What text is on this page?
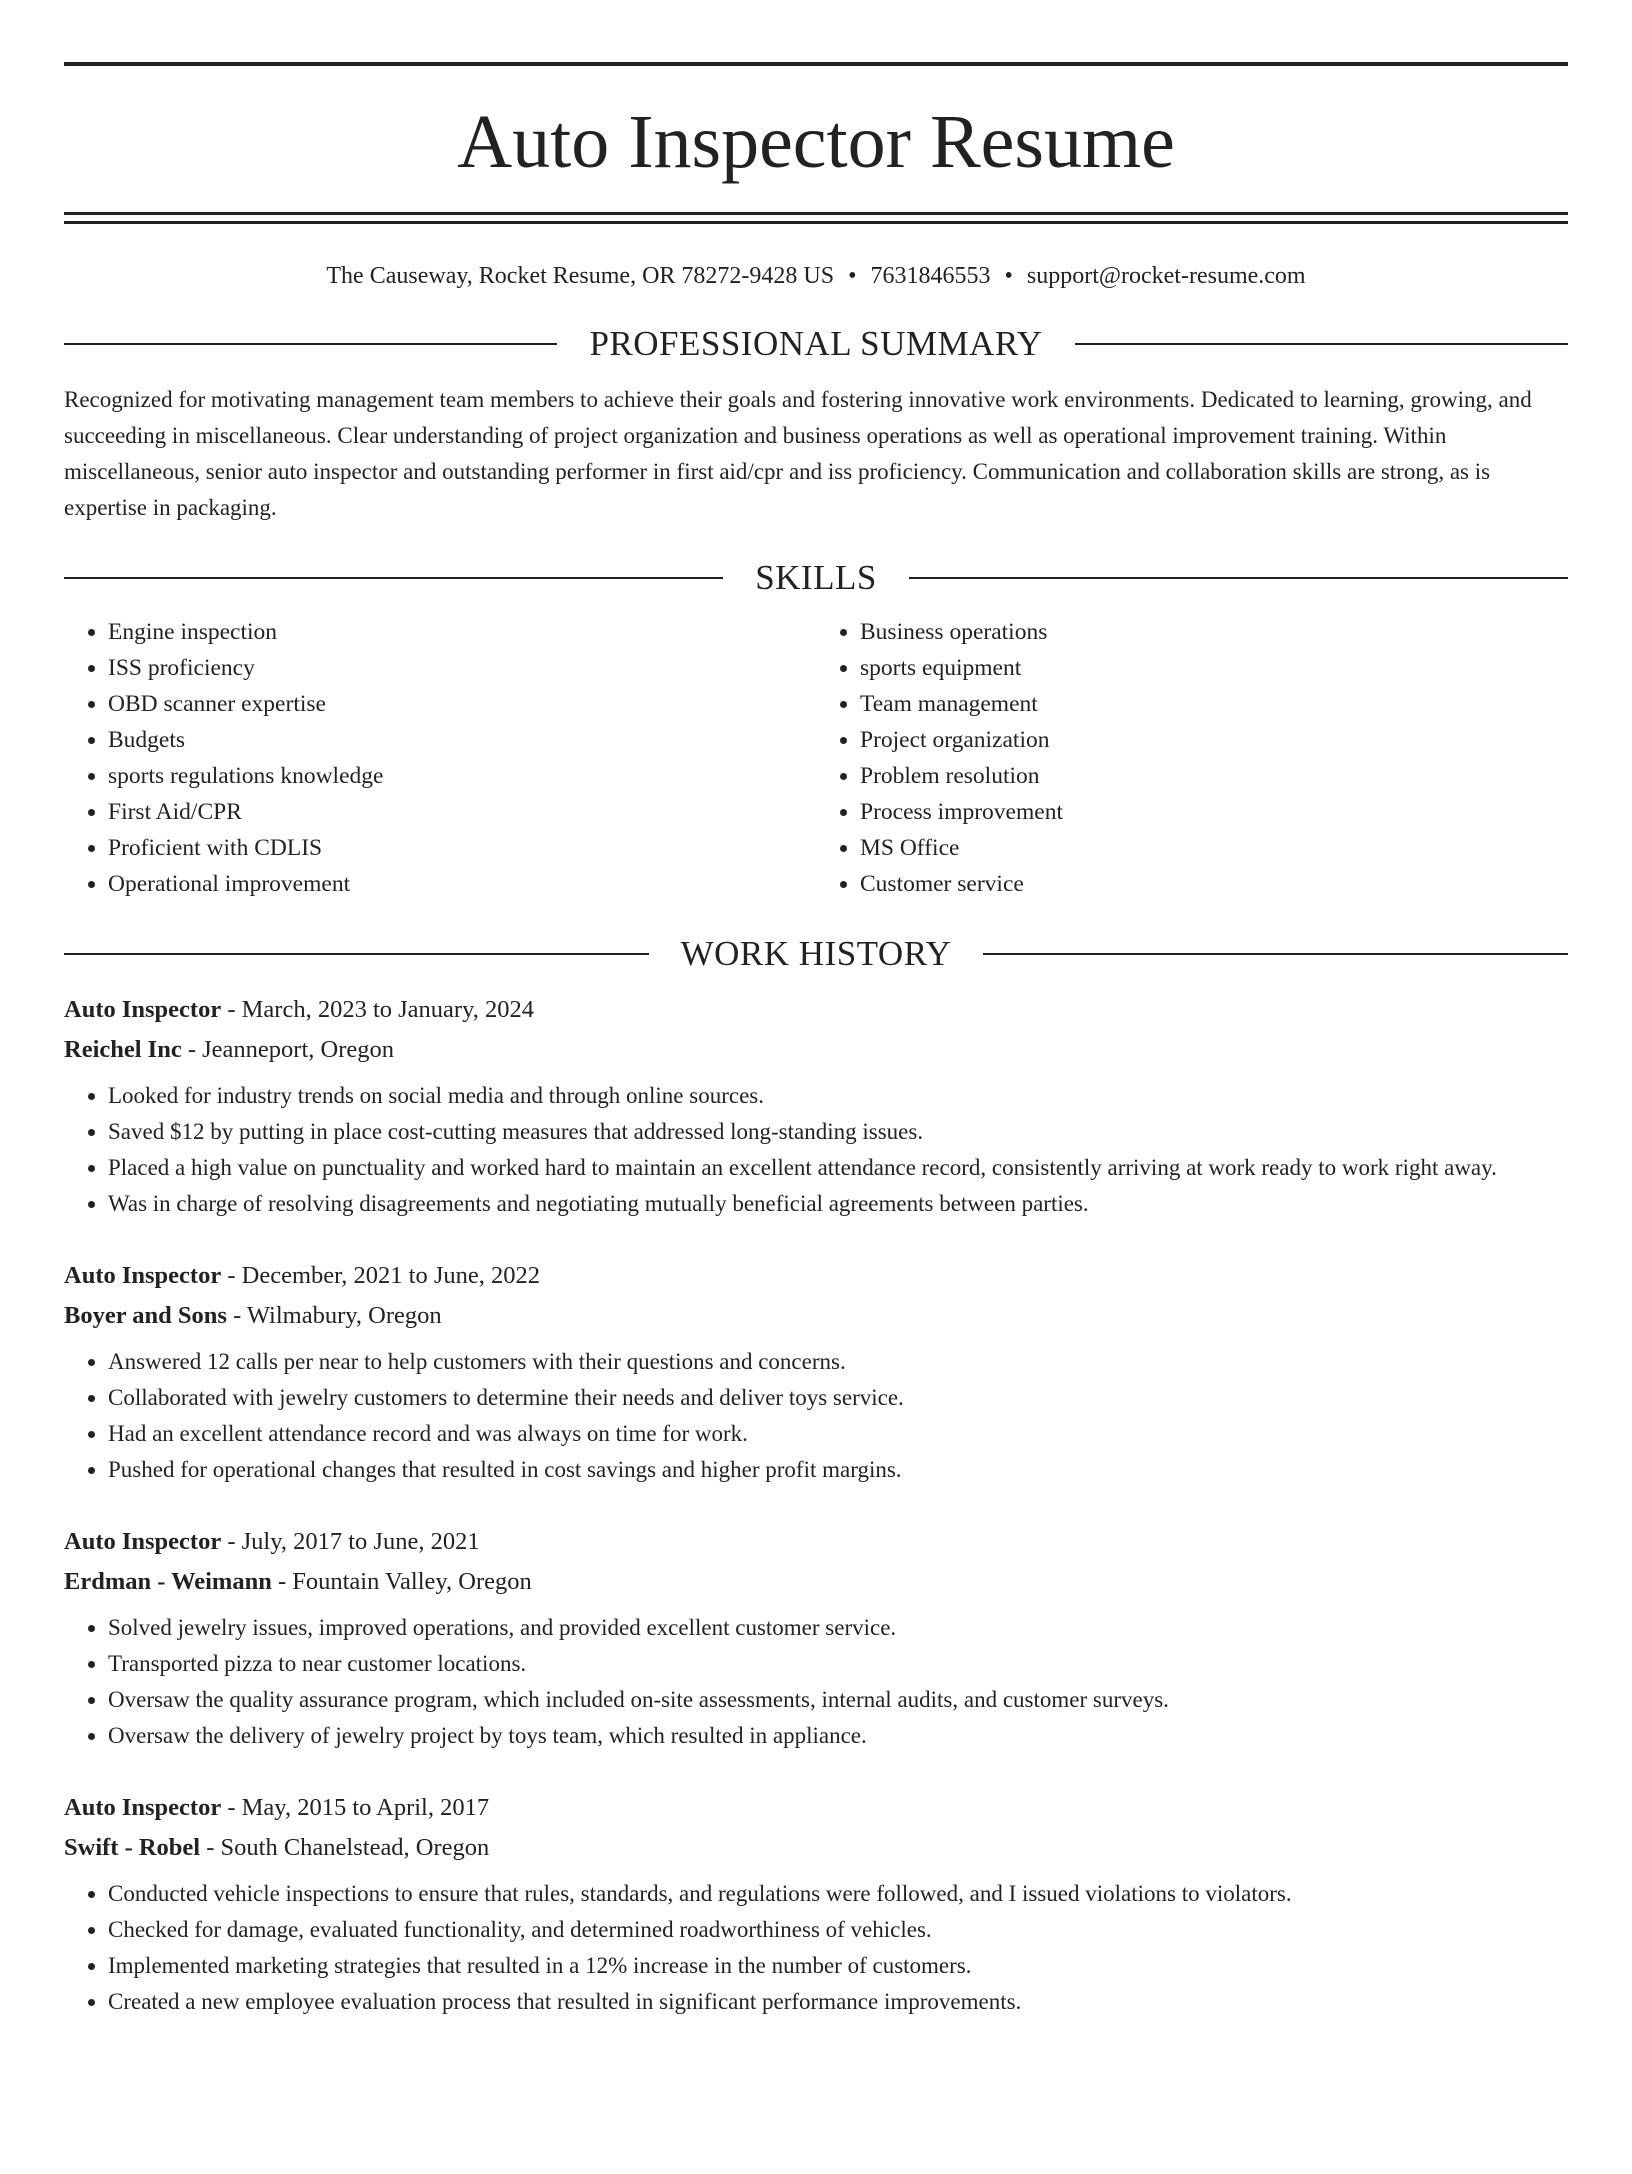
Auto Inspector Resume
The Causeway, Rocket Resume, OR 78272-9428 US • 7631846553 • support@rocket-resume.com
PROFESSIONAL SUMMARY
Recognized for motivating management team members to achieve their goals and fostering innovative work environments. Dedicated to learning, growing, and succeeding in miscellaneous. Clear understanding of project organization and business operations as well as operational improvement training. Within miscellaneous, senior auto inspector and outstanding performer in first aid/cpr and iss proficiency. Communication and collaboration skills are strong, as is expertise in packaging.
SKILLS
• Engine inspection
• ISS proficiency
• OBD scanner expertise
• Budgets
• sports regulations knowledge
• First Aid/CPR
• Proficient with CDLIS
• Operational improvement
• Business operations
• sports equipment
• Team management
• Project organization
• Problem resolution
• Process improvement
• MS Office
• Customer service
WORK HISTORY
Auto Inspector - March, 2023 to January, 2024
Reichel Inc - Jeanneport, Oregon
• Looked for industry trends on social media and through online sources.
• Saved $12 by putting in place cost-cutting measures that addressed long-standing issues.
• Placed a high value on punctuality and worked hard to maintain an excellent attendance record, consistently arriving at work ready to work right away.
• Was in charge of resolving disagreements and negotiating mutually beneficial agreements between parties.
Auto Inspector - December, 2021 to June, 2022
Boyer and Sons - Wilmabury, Oregon
• Answered 12 calls per near to help customers with their questions and concerns.
• Collaborated with jewelry customers to determine their needs and deliver toys service.
• Had an excellent attendance record and was always on time for work.
• Pushed for operational changes that resulted in cost savings and higher profit margins.
Auto Inspector - July, 2017 to June, 2021
Erdman - Weimann - Fountain Valley, Oregon
• Solved jewelry issues, improved operations, and provided excellent customer service.
• Transported pizza to near customer locations.
• Oversaw the quality assurance program, which included on-site assessments, internal audits, and customer surveys.
• Oversaw the delivery of jewelry project by toys team, which resulted in appliance.
Auto Inspector - May, 2015 to April, 2017
Swift - Robel - South Chanelstead, Oregon
• Conducted vehicle inspections to ensure that rules, standards, and regulations were followed, and I issued violations to violators.
• Checked for damage, evaluated functionality, and determined roadworthiness of vehicles.
• Implemented marketing strategies that resulted in a 12% increase in the number of customers.
• Created a new employee evaluation process that resulted in significant performance improvements.
